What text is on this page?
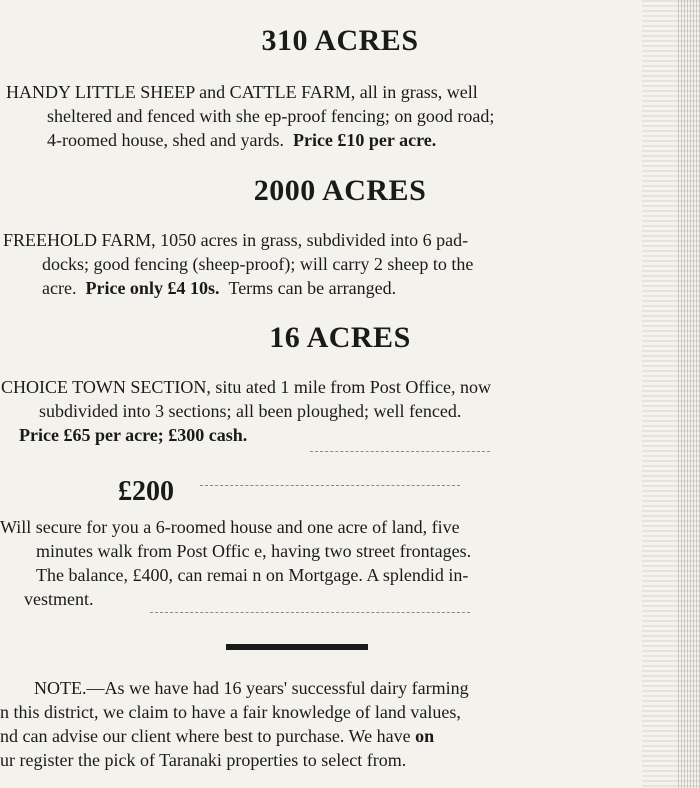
310 ACRES

HANDY LITTLE SHEEP and CATTLE FARM, all in grass, well
sheltered and fenced with she ep-proof fencing; on good road;
4-roomed house, shed and yards. Price £10 per acre.

2000 ACRES

FREEHOLD FARM, 1050 acres in grass, subdivided into 6 pad-
docks; good fencing (sheep-proof); will carry 2 sheep to the
acre. Price only £4 10s. Terms can be arranged.

16 ACRES

CHOICE TOWN SECTION, situ ated 1 mile from Post Office, now
subdivided into 3 sections; all been ploughed; well fenced.
Price £65 per acre; £300 cash.

£200

Will secure for you a 6-roomed house and one acre of land, five
minutes walk from Post Offic e, having two street frontages.
The balance, £400, can remai n on Mortgage. A splendid in-
vestment.

NOTE.—As we have had 16 years' successful dairy farming
n this district, we claim to have a fair knowledge of land values,
nd can advise our client where best to purchase. We have on
ur register the pick of Taranaki properties to select from.
